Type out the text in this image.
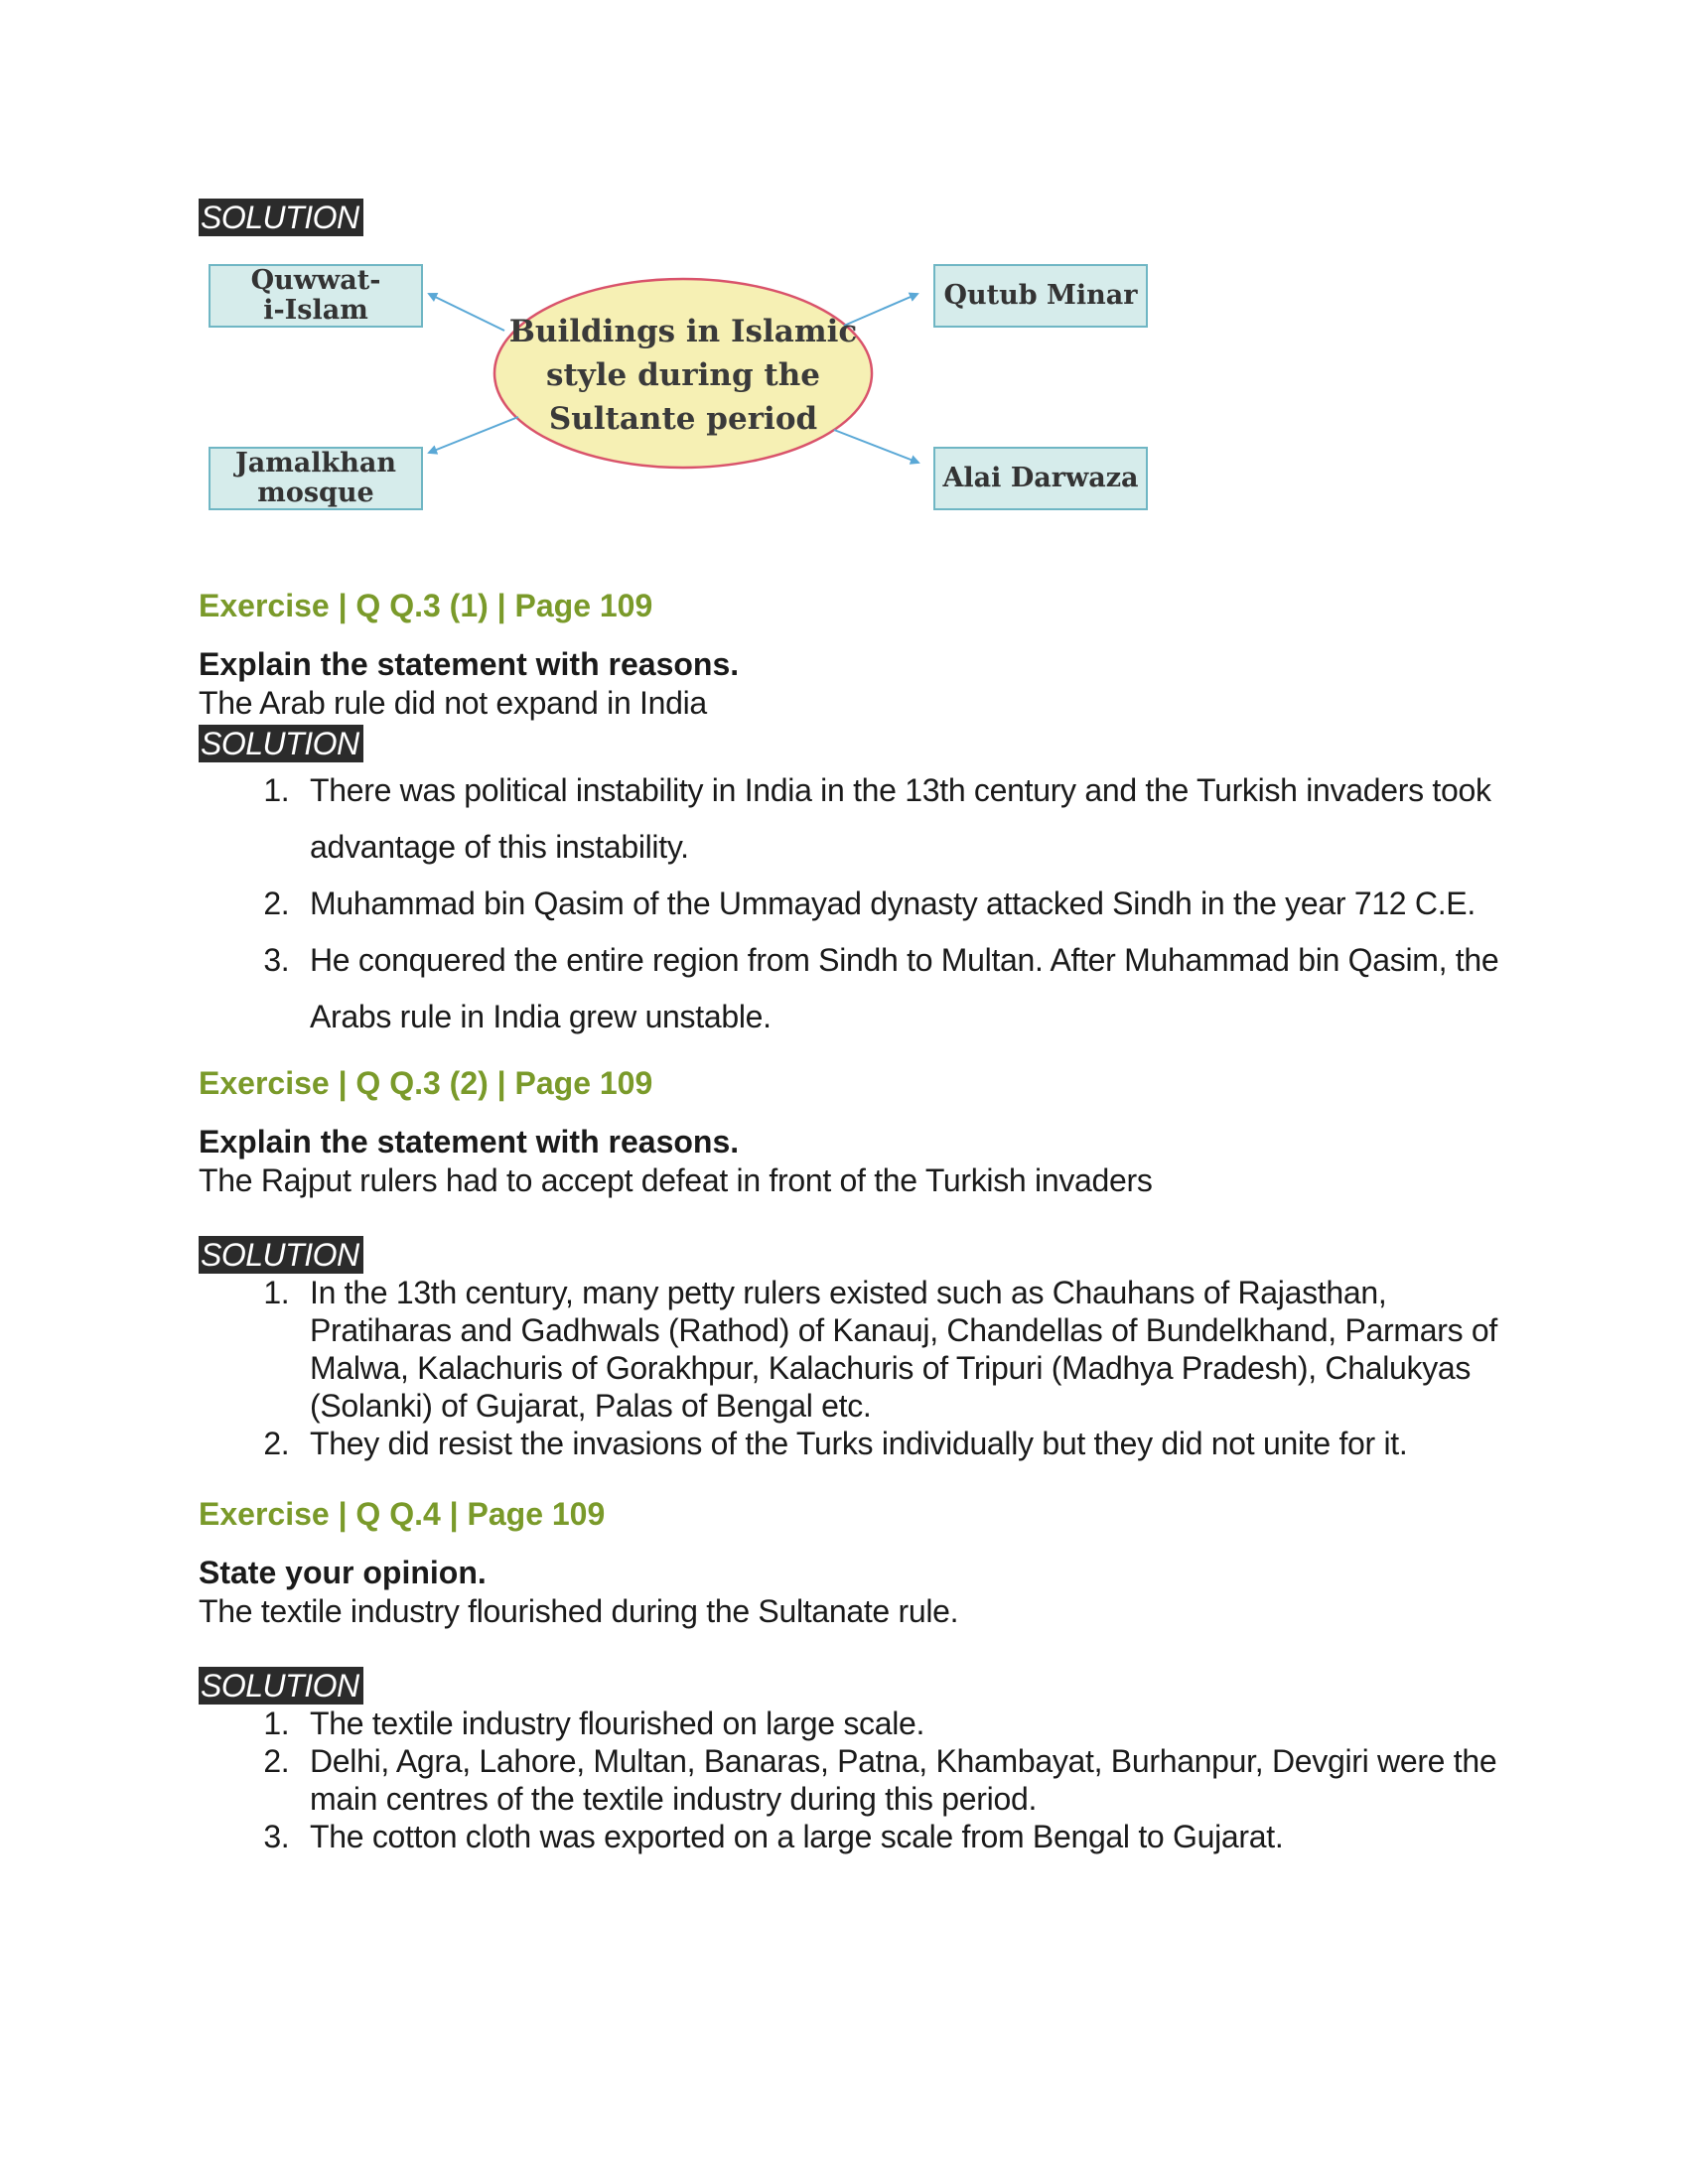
SOLUTION
Quwwat-i-Islam	Qutub Minar
Jamalkhan mosque	Alai Darwaza
Buildings in Islamic style during the Sultante period

Exercise | Q Q.3 (1) | Page 109

Explain the statement with reasons.

The Arab rule did not expand in India

SOLUTION
1. There was political instability in India in the 13th century and the Turkish invaders took advantage of this instability.
2. Muhammad bin Qasim of the Ummayad dynasty attacked Sindh in the year 712 C.E.
3. He conquered the entire region from Sindh to Multan. After Muhammad bin Qasim, the Arabs rule in India grew unstable.

Exercise | Q Q.3 (2) | Page 109

Explain the statement with reasons.

The Rajput rulers had to accept defeat in front of the Turkish invaders

SOLUTION
1. In the 13th century, many petty rulers existed such as Chauhans of Rajasthan, Pratiharas and Gadhwals (Rathod) of Kanauj, Chandellas of Bundelkhand, Parmars of Malwa, Kalachuris of Gorakhpur, Kalachuris of Tripuri (Madhya Pradesh), Chalukyas (Solanki) of Gujarat, Palas of Bengal etc.
2. They did resist the invasions of the Turks individually but they did not unite for it.

Exercise | Q Q.4 | Page 109

State your opinion.

The textile industry flourished during the Sultanate rule.

SOLUTION
1. The textile industry flourished on large scale.
2. Delhi, Agra, Lahore, Multan, Banaras, Patna, Khambayat, Burhanpur, Devgiri were the main centres of the textile industry during this period.
3. The cotton cloth was exported on a large scale from Bengal to Gujarat.
